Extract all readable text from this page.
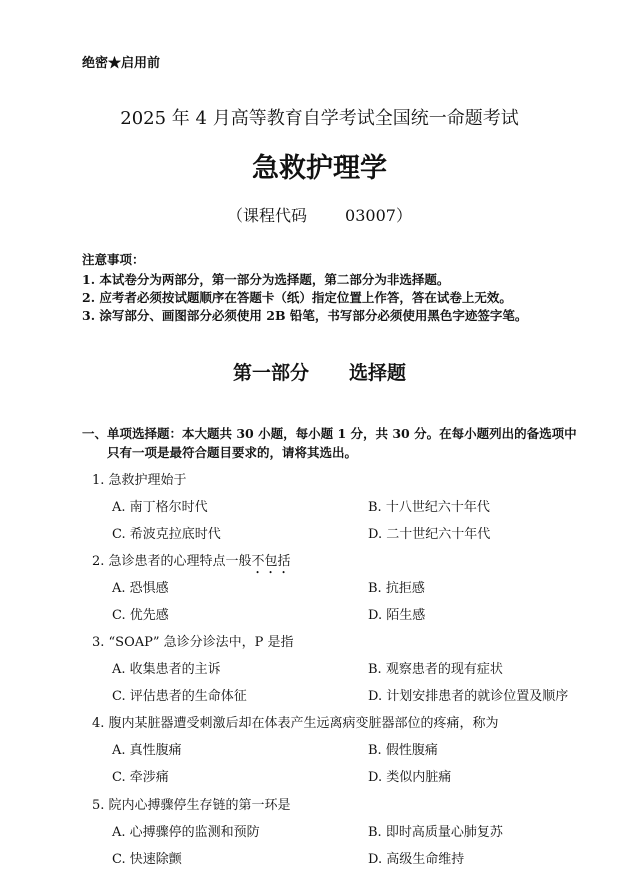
绝密★启用前
2025 年 4 月高等教育自学考试全国统一命题考试
急救护理学
（课程代码 03007）
注意事项：
1. 本试卷分为两部分，第一部分为选择题，第二部分为非选择题。
2. 应考者必须按试题顺序在答题卡（纸）指定位置上作答，答在试卷上无效。
3. 涂写部分、画图部分必须使用 2B 铅笔，书写部分必须使用黑色字迹签字笔。
第一部分 选择题
一、单项选择题：本大题共 30 小题，每小题 1 分，共 30 分。在每小题列出的备选项中
只有一项是最符合题目要求的，请将其选出。
1. 急救护理始于
A. 南丁格尔时代	B. 十八世纪六十年代
C. 希波克拉底时代	D. 二十世纪六十年代
2. 急诊患者的心理特点一般不包括
A. 恐惧感	B. 抗拒感
C. 优先感	D. 陌生感
3. “SOAP” 急诊分诊法中，P 是指
A. 收集患者的主诉	B. 观察患者的现有症状
C. 评估患者的生命体征	D. 计划安排患者的就诊位置及顺序
4. 腹内某脏器遭受刺激后却在体表产生远离病变脏器部位的疼痛，称为
A. 真性腹痛	B. 假性腹痛
C. 牵涉痛	D. 类似内脏痛
5. 院内心搏骤停生存链的第一环是
A. 心搏骤停的监测和预防	B. 即时高质量心肺复苏
C. 快速除颤	D. 高级生命维持
